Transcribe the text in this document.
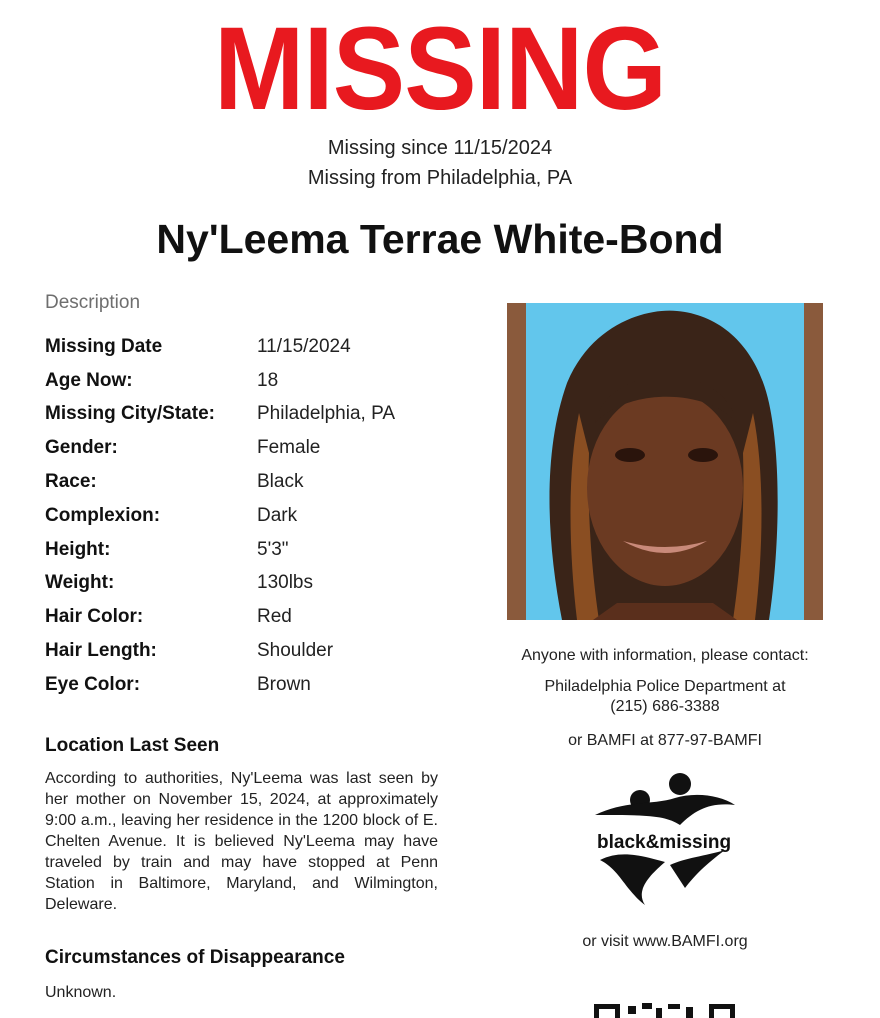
MISSING
Missing since 11/15/2024
Missing from Philadelphia, PA
Ny'Leema Terrae White-Bond
Description
Missing Date	11/15/2024
Age Now:	18
Missing City/State:	Philadelphia, PA
Gender:	Female
Race:	Black
Complexion:	Dark
Height:	5'3"
Weight:	130lbs
Hair Color:	Red
Hair Length:	Shoulder
Eye Color:	Brown
Location Last Seen
According to authorities, Ny'Leema was last seen by her mother on November 15, 2024, at approximately 9:00 a.m., leaving her residence in the 1200 block of E. Chelten Avenue. It is believed Ny'Leema may have traveled by train and may have stopped at Penn Station in Baltimore, Maryland, and Wilmington, Deleware.
Circumstances of Disappearance
Unknown.
Anyone with information, please contact:
Philadelphia Police Department at
(215) 686-3388
or BAMFI at 877-97-BAMFI
black&missing
or visit www.BAMFI.org
